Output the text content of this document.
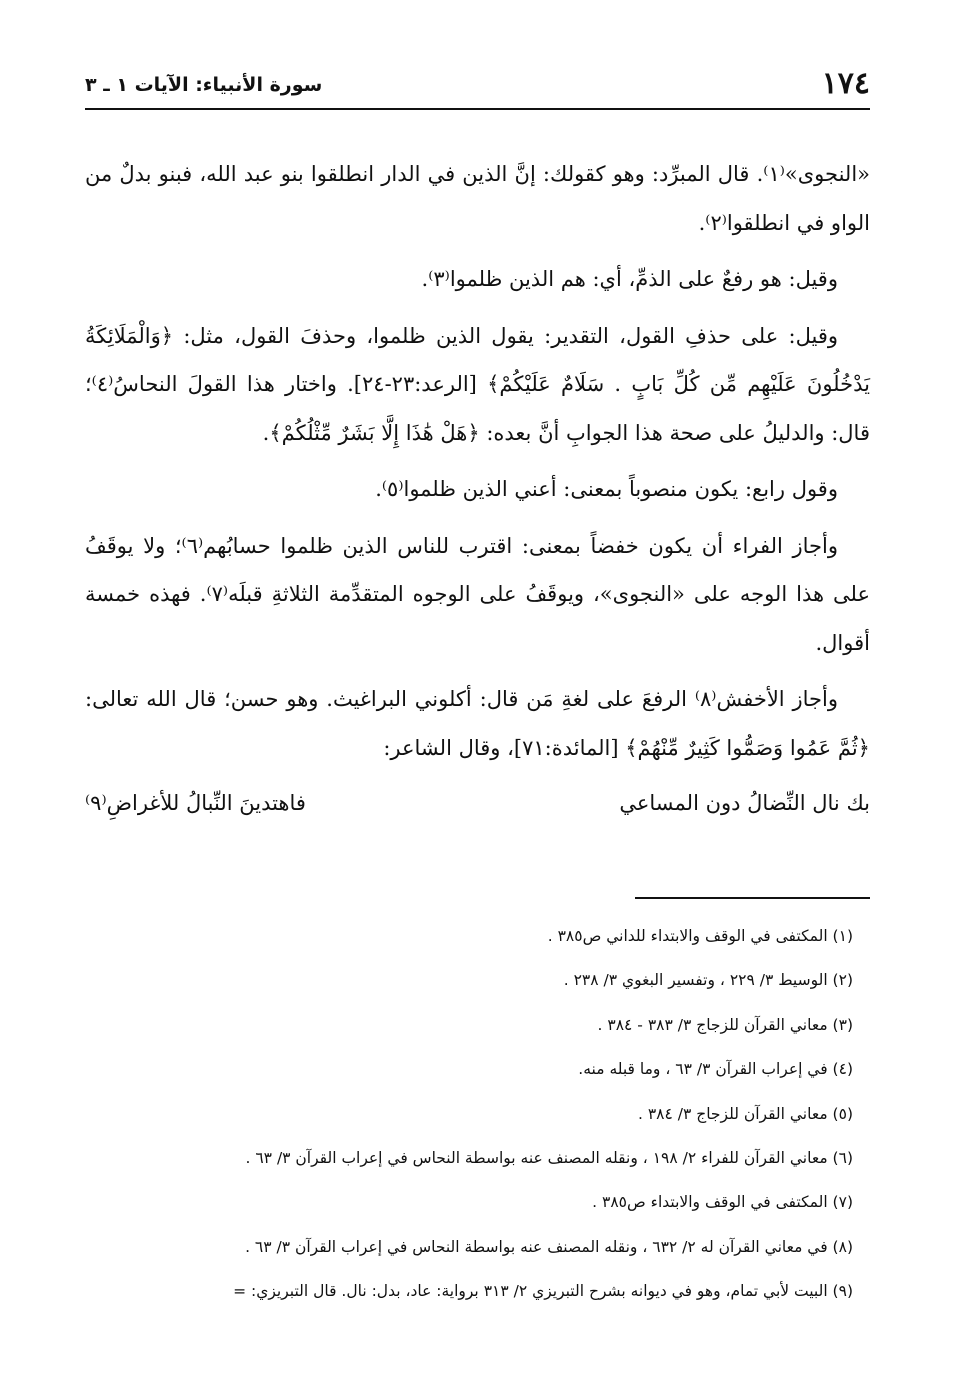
١٧٤
سورة الأنبياء: الآيات ١ ـ ٣

«النجوى»⁽١⁾. قال المبرِّد: وهو كقولك: إنَّ الذين في الدار انطلقوا بنو عبد الله، فبنو بدلٌ من الواو في انطلقوا⁽٢⁾.

وقيل: هو رفعٌ على الذمِّ، أي: هم الذين ظلموا⁽٣⁾.

وقيل: على حذفِ القول، التقدير: يقول الذين ظلموا، وحذفَ القول، مثل: ﴿وَالْمَلَائِكَةُ يَدْخُلُونَ عَلَيْهِم مِّن كُلِّ بَابٍ . سَلَامٌ عَلَيْكُمْ﴾ [الرعد:٢٣-٢٤]. واختار هذا القولَ النحاسُ⁽٤⁾؛ قال: والدليلُ على صحة هذا الجوابِ أنَّ بعده: ﴿هَلْ هَٰذَا إِلَّا بَشَرٌ مِّثْلُكُمْ﴾.

وقول رابع: يكون منصوباً بمعنى: أعني الذين ظلموا⁽٥⁾.

وأجاز الفراء أن يكون خفضاً بمعنى: اقترب للناس الذين ظلموا حسابُهم⁽٦⁾؛ ولا يوقَفُ على هذا الوجه على «النجوى»، ويوقَفُ على الوجوه المتقدِّمة الثلاثةِ قبلَه⁽٧⁾. فهذه خمسة أقوال.

وأجاز الأخفش⁽٨⁾ الرفعَ على لغةِ مَن قال: أكلوني البراغيث. وهو حسن؛ قال الله تعالى: ﴿ثُمَّ عَمُوا وَصَمُّوا كَثِيرٌ مِّنْهُمْ﴾ [المائدة:٧١]، وقال الشاعر:

بك نال النِّضالُ دون المساعي
فاهتدينَ النِّبالُ للأغراضِ⁽٩⁾

(١) المكتفى في الوقف والابتداء للداني ص٣٨٥ .

(٢) الوسيط ٣/ ٢٢٩ ، وتفسير البغوي ٣/ ٢٣٨ .

(٣) معاني القرآن للزجاج ٣/ ٣٨٣ - ٣٨٤ .

(٤) في إعراب القرآن ٣/ ٦٣ ، وما قبله منه.

(٥) معاني القرآن للزجاج ٣/ ٣٨٤ .

(٦) معاني القرآن للفراء ٢/ ١٩٨ ، ونقله المصنف عنه بواسطة النحاس في إعراب القرآن ٣/ ٦٣ .

(٧) المكتفى في الوقف والابتداء ص٣٨٥ .

(٨) في معاني القرآن له ٢/ ٦٣٢ ، ونقله المصنف عنه بواسطة النحاس في إعراب القرآن ٣/ ٦٣ .

(٩) البيت لأبي تمام، وهو في ديوانه بشرح التبريزي ٢/ ٣١٣ برواية: عاد، بدل: نال. قال التبريزي: =
